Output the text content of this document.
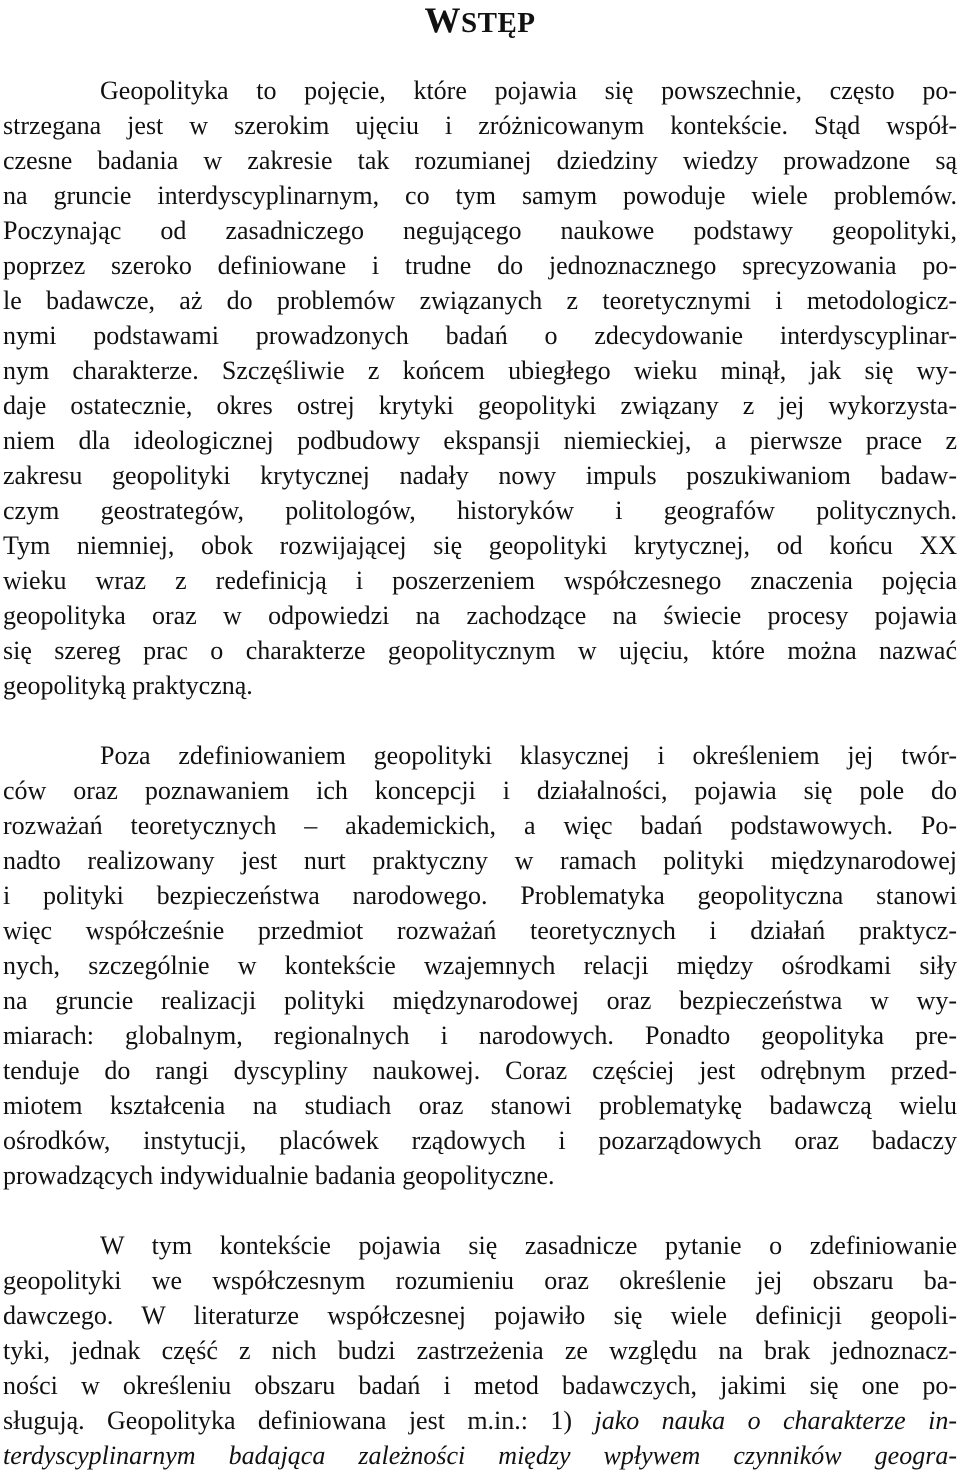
WSTĘP
Geopolityka to pojęcie, które pojawia się powszechnie, często po-
strzegana jest w szerokim ujęciu i zróżnicowanym kontekście. Stąd współ-
czesne badania w zakresie tak rozumianej dziedziny wiedzy prowadzone są
na gruncie interdyscyplinarnym, co tym samym powoduje wiele problemów.
Poczynając od zasadniczego negującego naukowe podstawy geopolityki,
poprzez szeroko definiowane i trudne do jednoznacznego sprecyzowania po-
le badawcze, aż do problemów związanych z teoretycznymi i metodologicz-
nymi podstawami prowadzonych badań o zdecydowanie interdyscyplinar-
nym charakterze. Szczęśliwie z końcem ubiegłego wieku minął, jak się wy-
daje ostatecznie, okres ostrej krytyki geopolityki związany z jej wykorzysta-
niem dla ideologicznej podbudowy ekspansji niemieckiej, a pierwsze prace z
zakresu geopolityki krytycznej nadały nowy impuls poszukiwaniom badaw-
czym geostrategów, politologów, historyków i geografów politycznych.
Tym niemniej, obok rozwijającej się geopolityki krytycznej, od końcu XX
wieku wraz z redefinicją i poszerzeniem współczesnego znaczenia pojęcia
geopolityka oraz w odpowiedzi na zachodzące na świecie procesy pojawia
się szereg prac o charakterze geopolitycznym w ujęciu, które można nazwać
geopolityką praktyczną.
Poza zdefiniowaniem geopolityki klasycznej i określeniem jej twór-
ców oraz poznawaniem ich koncepcji i działalności, pojawia się pole do
rozważań teoretycznych – akademickich, a więc badań podstawowych. Po-
nadto realizowany jest nurt praktyczny w ramach polityki międzynarodowej
i polityki bezpieczeństwa narodowego. Problematyka geopolityczna stanowi
więc współcześnie przedmiot rozważań teoretycznych i działań praktycz-
nych, szczególnie w kontekście wzajemnych relacji między ośrodkami siły
na gruncie realizacji polityki międzynarodowej oraz bezpieczeństwa w wy-
miarach: globalnym, regionalnych i narodowych. Ponadto geopolityka pre-
tenduje do rangi dyscypliny naukowej. Coraz częściej jest odrębnym przed-
miotem kształcenia na studiach oraz stanowi problematykę badawczą wielu
ośrodków, instytucji, placówek rządowych i pozarządowych oraz badaczy
prowadzących indywidualnie badania geopolityczne.
W tym kontekście pojawia się zasadnicze pytanie o zdefiniowanie
geopolityki we współczesnym rozumieniu oraz określenie jej obszaru ba-
dawczego. W literaturze współczesnej pojawiło się wiele definicji geopoli-
tyki, jednak część z nich budzi zastrzeżenia ze względu na brak jednoznacz-
ności w określeniu obszaru badań i metod badawczych, jakimi się one po-
sługują. Geopolityka definiowana jest m.in.: 1) jako nauka o charakterze in-
terdyscyplinarnym badająca zależności między wpływem czynników geogra-
